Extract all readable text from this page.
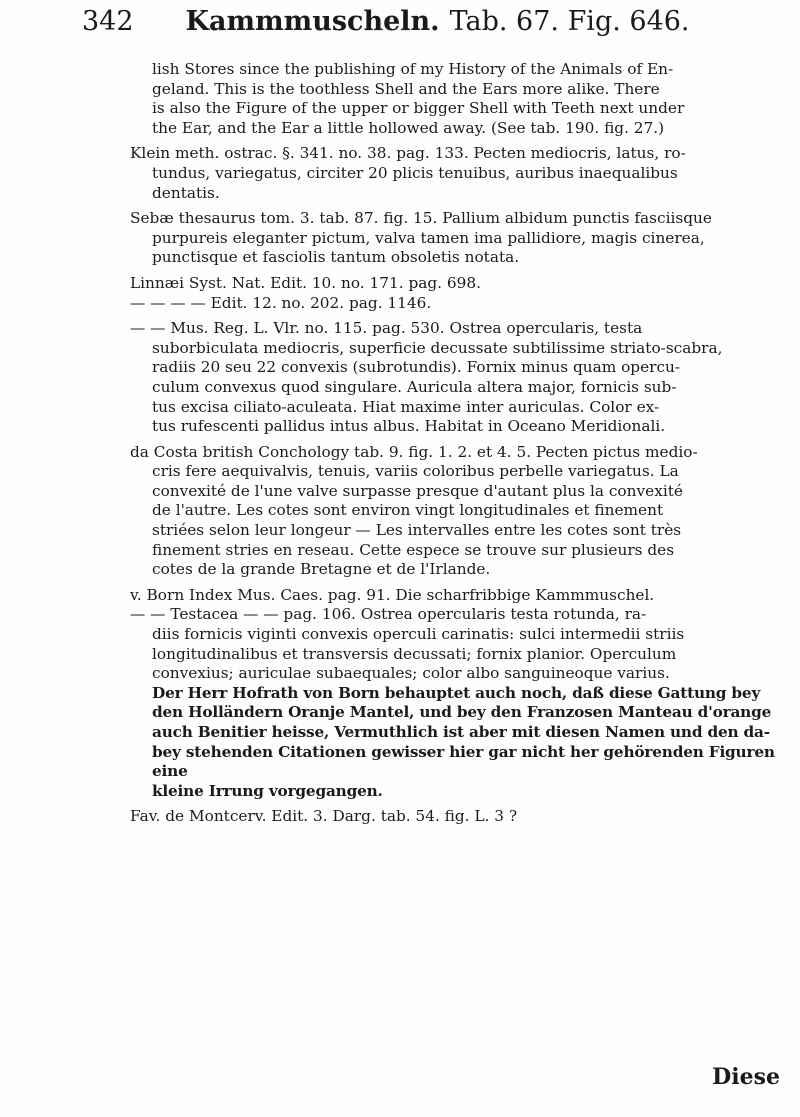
342 Kammmuscheln. Tab. 67. Fig. 646.
lish Stores since the publishing of my History of the Animals of En-
geland. This is the toothless Shell and the Ears more alike. There
is also the Figure of the upper or bigger Shell with Teeth next under
the Ear, and the Ear a little hollowed away. (See tab. 190. fig. 27.)
Klein meth. ostrac. §. 341. no. 38. pag. 133. Pecten mediocris, latus, ro-
tundus, variegatus, circiter 20 plicis tenuibus, auribus inaequalibus
dentatis.
Sebæ thesaurus tom. 3. tab. 87. fig. 15. Pallium albidum punctis fasciisque
purpureis eleganter pictum, valva tamen ima pallidiore, magis cinerea,
punctisque et fasciolis tantum obsoletis notata.
Linnæi Syst. Nat. Edit. 10. no. 171. pag. 698.
— — — — Edit. 12. no. 202. pag. 1146.
— — Mus. Reg. L. Vlr. no. 115. pag. 530. Ostrea opercularis, testa
suborbiculata mediocris, superficie decussate subtilissime striato-scabra,
radiis 20 seu 22 convexis (subrotundis). Fornix minus quam opercu-
culum convexus quod singulare. Auricula altera major, fornicis sub-
tus excisa ciliato-aculeata. Hiat maxime inter auriculas. Color ex-
tus rufescenti pallidus intus albus. Habitat in Oceano Meridionali.
da Costa british Conchology tab. 9. fig. 1. 2. et 4. 5. Pecten pictus medio-
cris fere aequivalvis, tenuis, variis coloribus perbelle variegatus. La
convexité de l'une valve surpasse presque d'autant plus la convexité
de l'autre. Les cotes sont environ vingt longitudinales et finement
striées selon leur longeur — Les intervalles entre les cotes sont très
finement stries en reseau. Cette espece se trouve sur plusieurs des
cotes de la grande Bretagne et de l'Irlande.
v. Born Index Mus. Caes. pag. 91. Die scharfribbige Kammmuschel.
— — Testacea — — pag. 106. Ostrea opercularis testa rotunda, ra-
diis fornicis viginti convexis operculi carinatis: sulci intermedii striis
longitudinalibus et transversis decussati; fornix planior. Operculum
convexius; auriculae subaequales; color albo sanguineoque varius.
Der Herr Hofrath von Born behauptet auch noch, daß diese Gattung bey
den Holländern Oranje Mantel, und bey den Franzosen Manteau d'orange
auch Benitier heisse, Vermuthlich ist aber mit diesen Namen und den da-
bey stehenden Citationen gewisser hier gar nicht her gehörenden Figuren eine
kleine Irrung vorgegangen.
Fav. de Montcerv. Edit. 3. Darg. tab. 54. fig. L. 3 ?
Diese
